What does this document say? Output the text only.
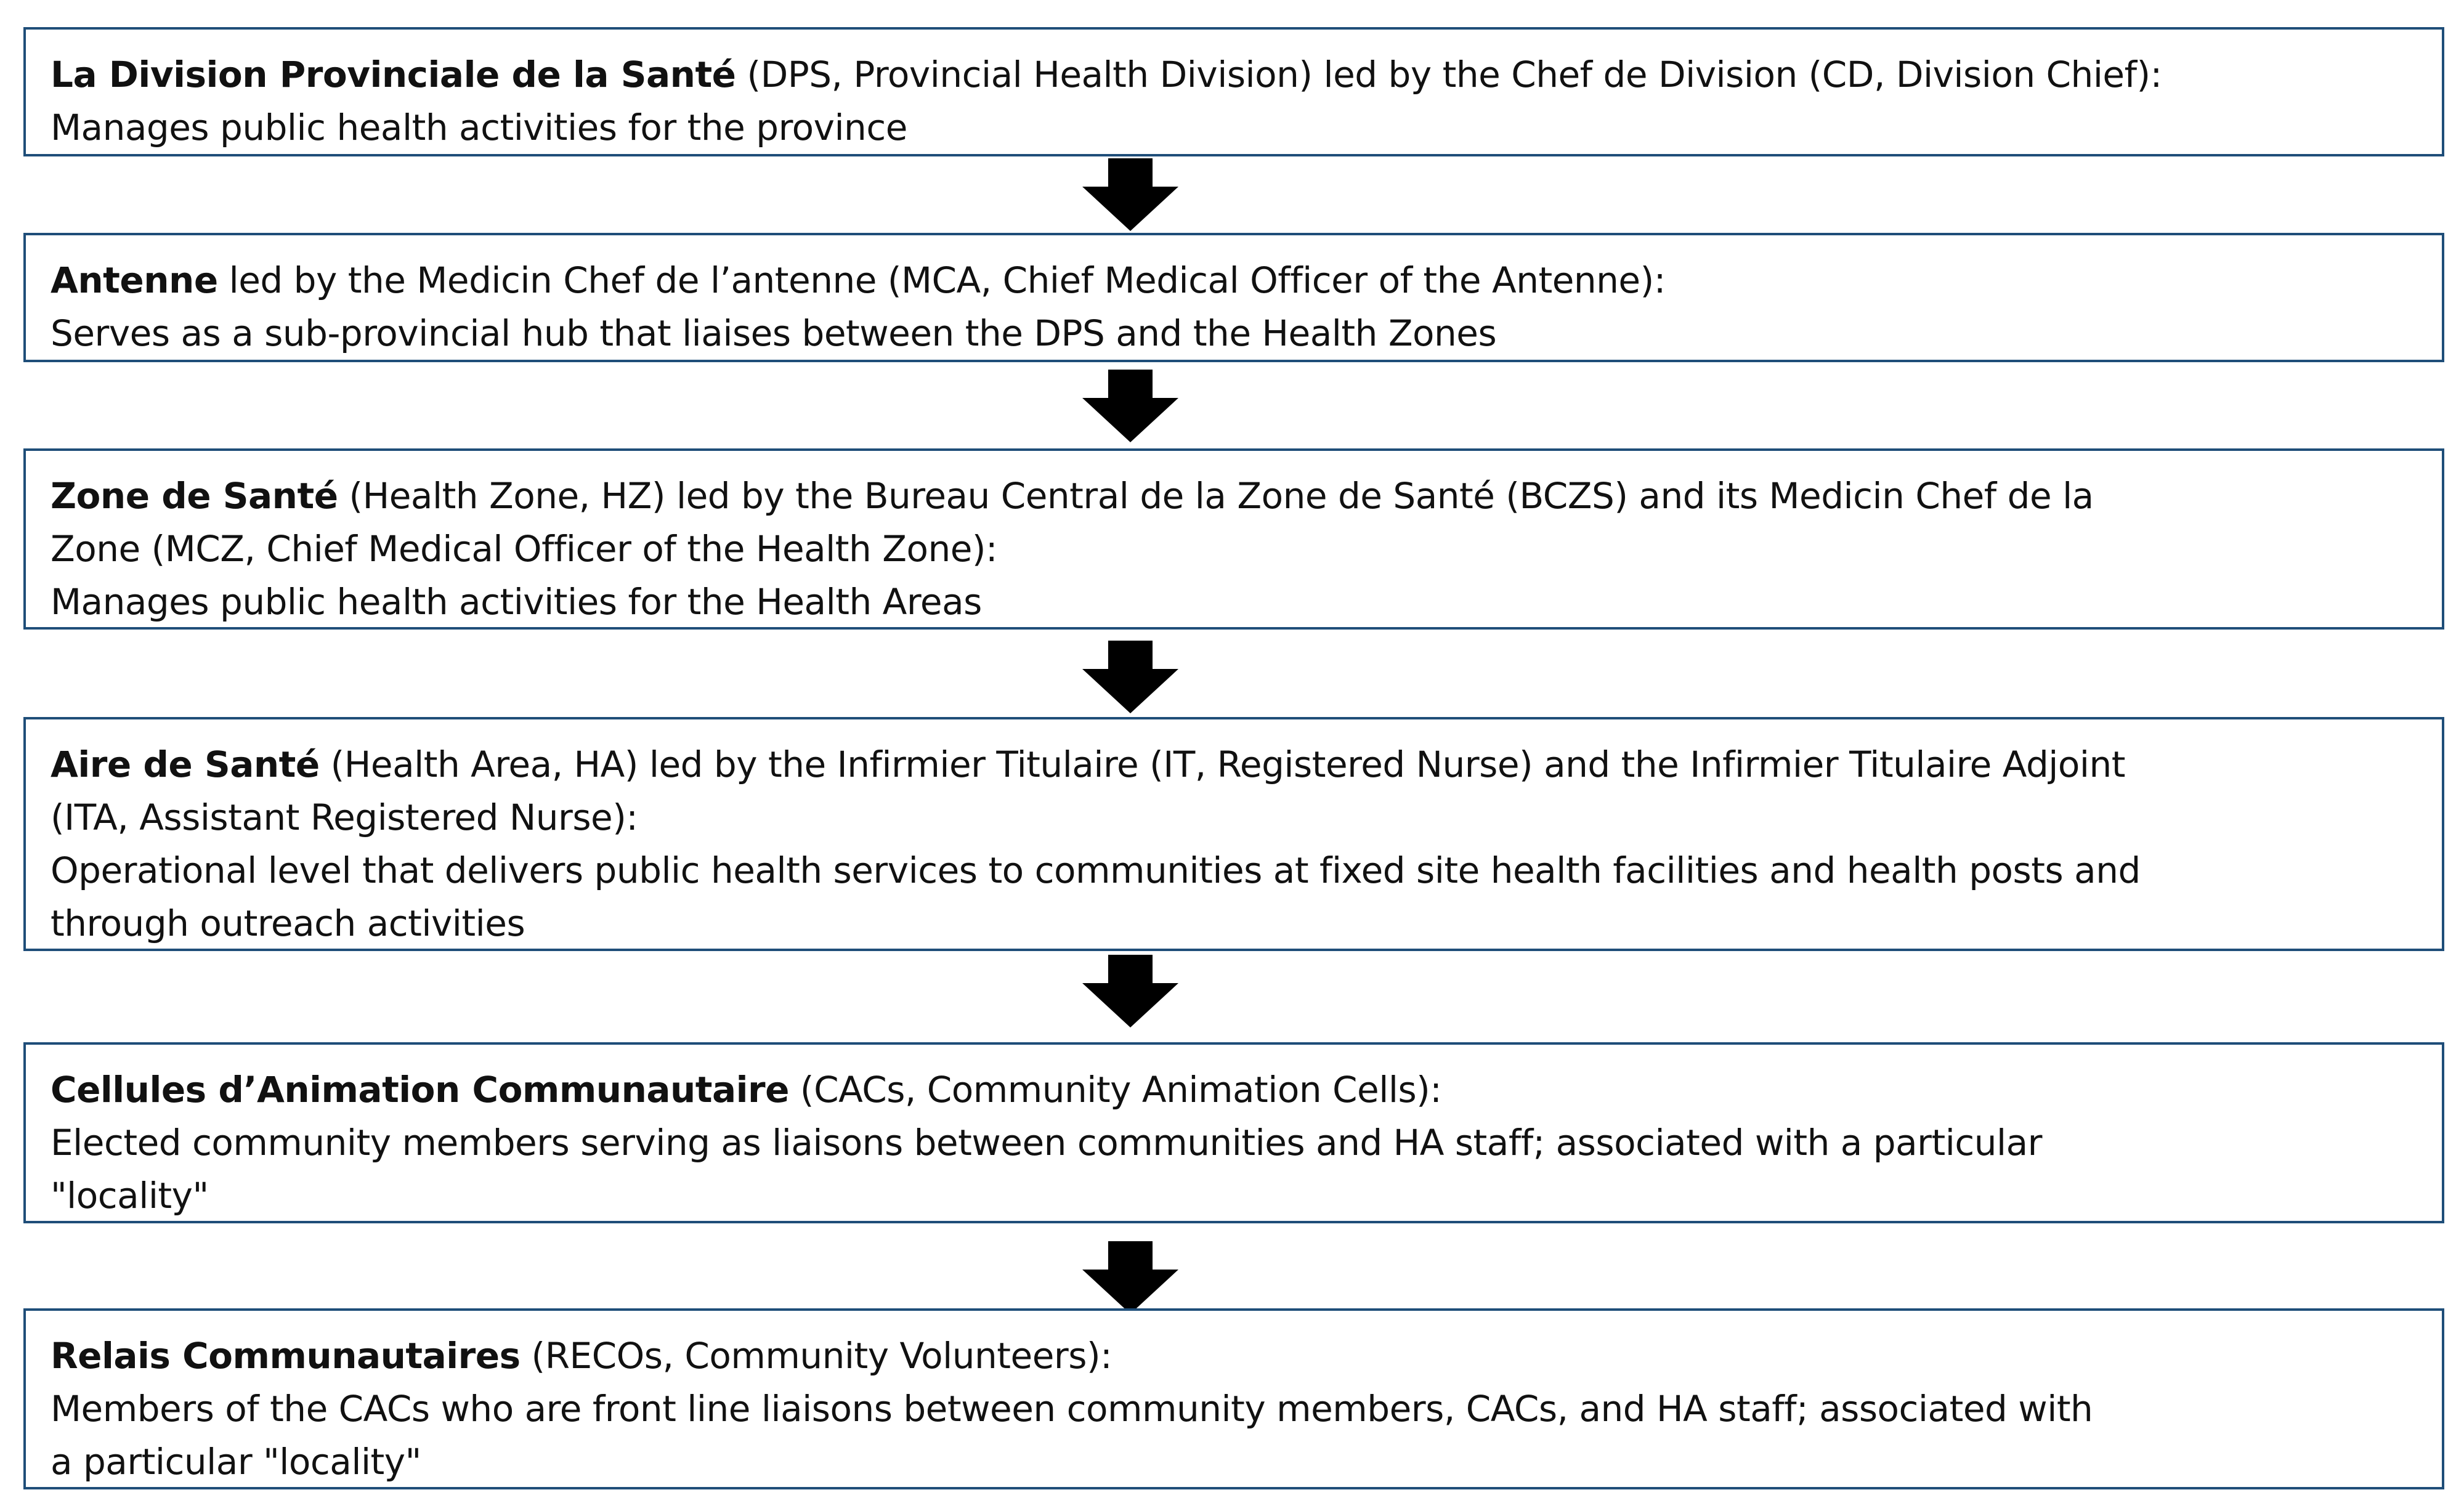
La Division Provinciale de la Santé (DPS, Provincial Health Division) led by the Chef de Division (CD, Division Chief):
Manages public health activities for the province
Antenne led by the Medicin Chef de l’antenne (MCA, Chief Medical Officer of the Antenne):
Serves as a sub-provincial hub that liaises between the DPS and the Health Zones
Zone de Santé (Health Zone, HZ) led by the Bureau Central de la Zone de Santé (BCZS) and its Medicin Chef de la
Zone (MCZ, Chief Medical Officer of the Health Zone):
Manages public health activities for the Health Areas
Aire de Santé (Health Area, HA) led by the Infirmier Titulaire (IT, Registered Nurse) and the Infirmier Titulaire Adjoint
(ITA, Assistant Registered Nurse):
Operational level that delivers public health services to communities at fixed site health facilities and health posts and
through outreach activities
Cellules d’Animation Communautaire (CACs, Community Animation Cells):
Elected community members serving as liaisons between communities and HA staff; associated with a particular
"locality"
Relais Communautaires (RECOs, Community Volunteers):
Members of the CACs who are front line liaisons between community members, CACs, and HA staff; associated with
a particular "locality"
